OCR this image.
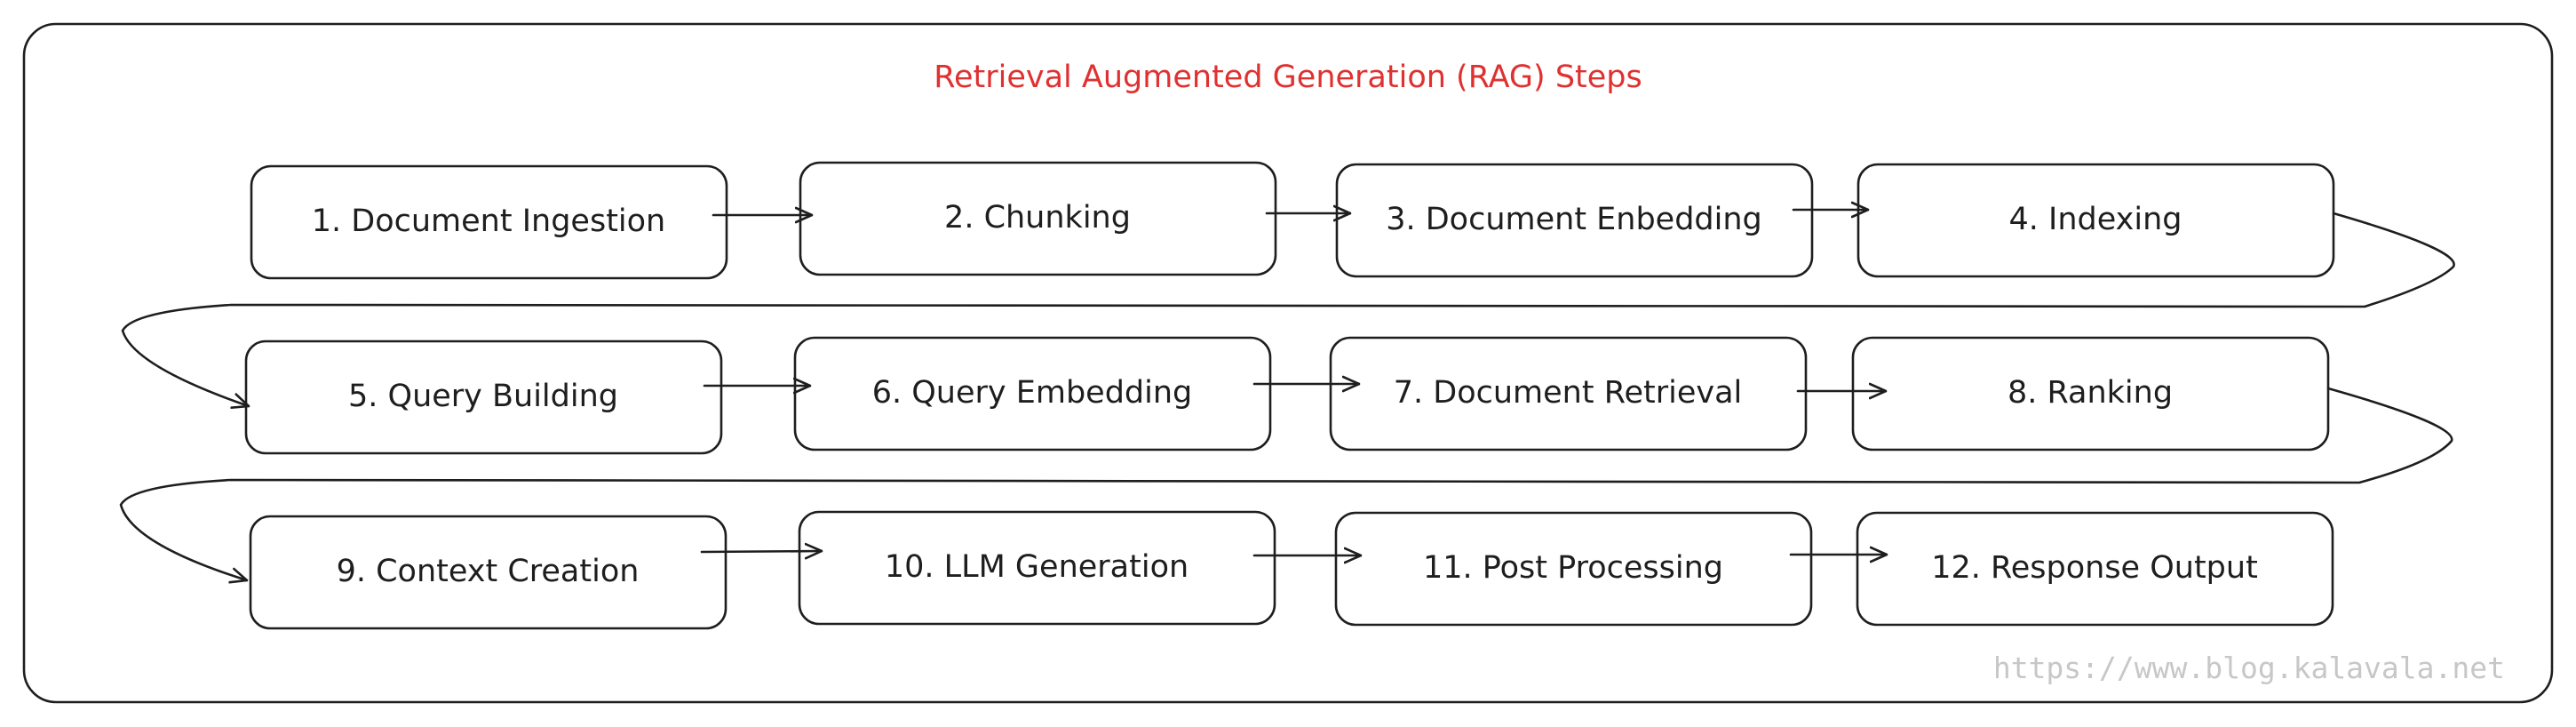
Retrieval Augmented Generation (RAG) Steps
1. Document Ingestion	2. Chunking	3. Document Enbedding	4. Indexing
5. Query Building	6. Query Embedding	7. Document Retrieval	8. Ranking
9. Context Creation	10. LLM Generation	11. Post Processing	12. Response Output
https://www.blog.kalavala.net
